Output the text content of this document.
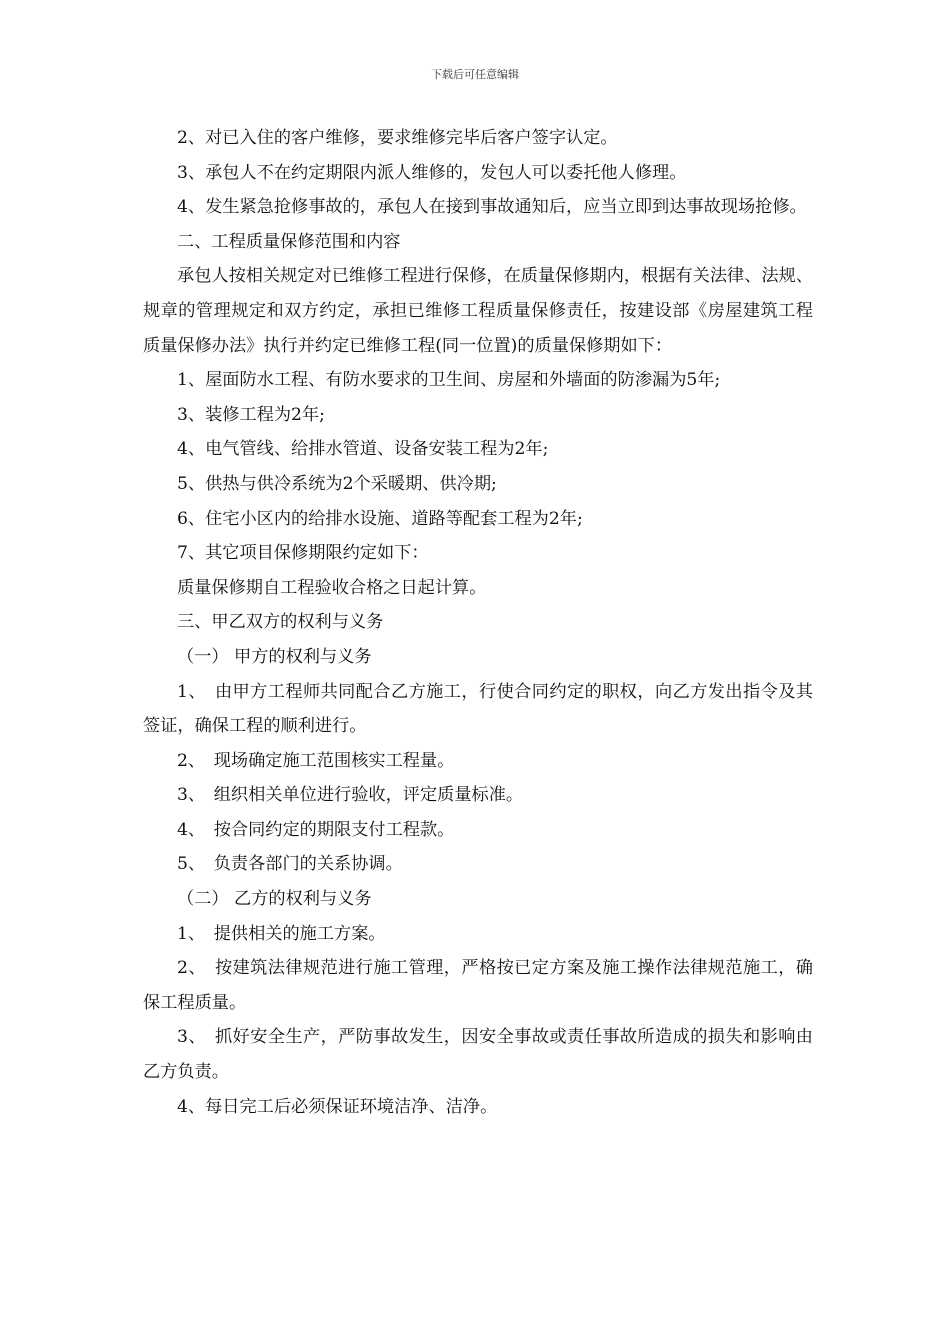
下载后可任意编辑

2、对已入住的客户维修，要求维修完毕后客户签字认定。

3、承包人不在约定期限内派人维修的，发包人可以委托他人修理。

4、发生紧急抢修事故的，承包人在接到事故通知后，应当立即到达事故现场抢修。

二、工程质量保修范围和内容

承包人按相关规定对已维修工程进行保修，在质量保修期内，根据有关法律、法规、规章的管理规定和双方约定，承担已维修工程质量保修责任，按建设部《房屋建筑工程质量保修办法》执行并约定已维修工程(同一位置)的质量保修期如下：

1、屋面防水工程、有防水要求的卫生间、房屋和外墙面的防渗漏为5年;

3、装修工程为2年;

4、电气管线、给排水管道、设备安装工程为2年;

5、供热与供冷系统为2个采暖期、供冷期;

6、住宅小区内的给排水设施、道路等配套工程为2年;

7、其它项目保修期限约定如下：

质量保修期自工程验收合格之日起计算。

三、甲乙双方的权利与义务

（一） 甲方的权利与义务

1、　由甲方工程师共同配合乙方施工，行使合同约定的职权，向乙方发出指令及其签证，确保工程的顺利进行。

2、　现场确定施工范围核实工程量。

3、　组织相关单位进行验收，评定质量标准。

4、　按合同约定的期限支付工程款。

5、　负责各部门的关系协调。

（二） 乙方的权利与义务

1、　提供相关的施工方案。

2、　按建筑法律规范进行施工管理，严格按已定方案及施工操作法律规范施工，确保工程质量。

3、　抓好安全生产，严防事故发生，因安全事故或责任事故所造成的损失和影响由乙方负责。

4、每日完工后必须保证环境洁净、洁净。
